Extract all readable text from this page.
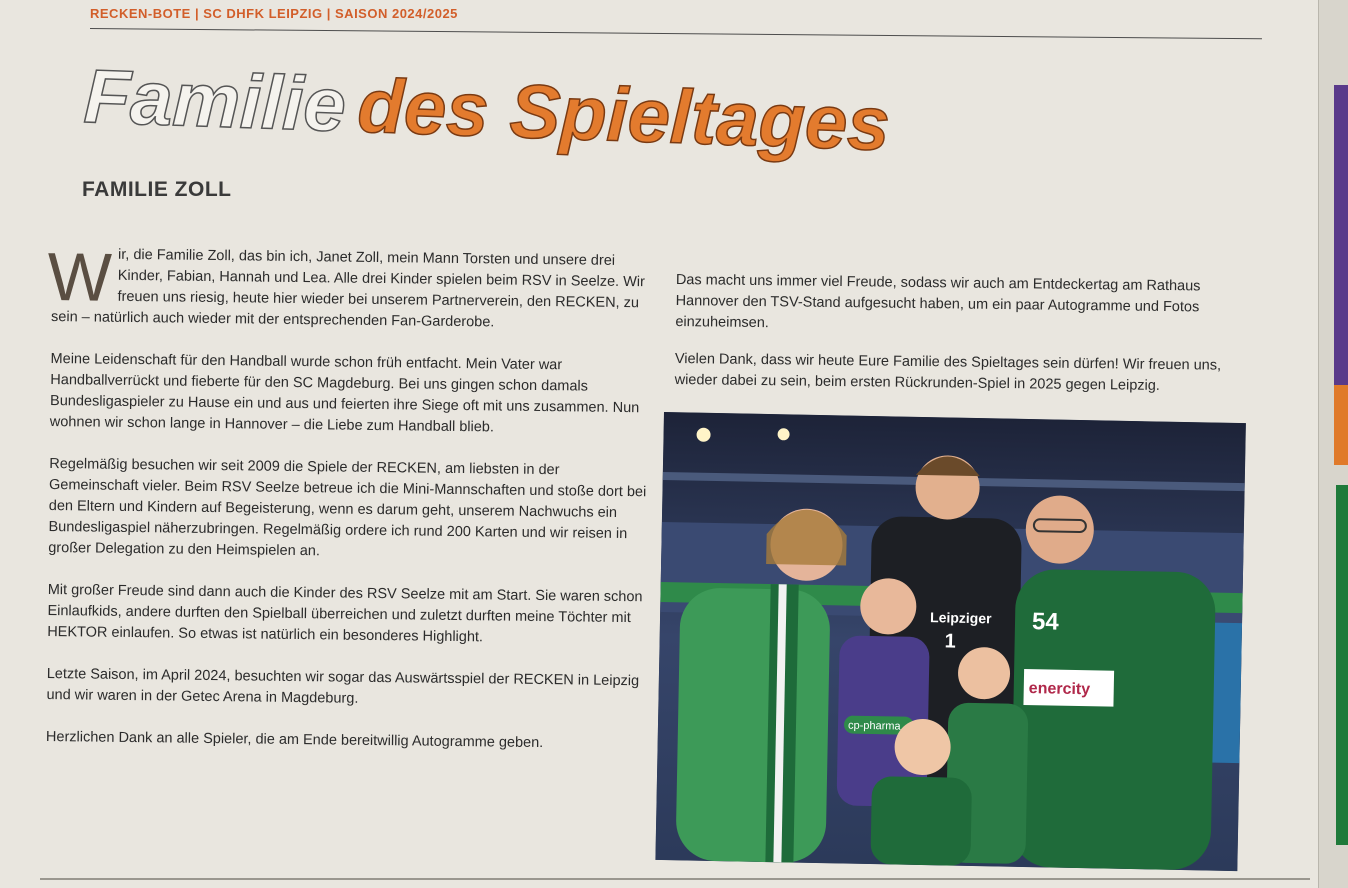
RECKEN-BOTE | SC DHFK LEIPZIG | SAISON 2024/2025
Familie des Spieltages
FAMILIE ZOLL

Wir, die Familie Zoll, das bin ich, Janet Zoll, mein Mann Torsten und unsere drei Kinder, Fabian, Hannah und Lea. Alle drei Kinder spielen beim RSV in Seelze. Wir freuen uns riesig, heute hier wieder bei unserem Partnerverein, den RECKEN, zu sein – natürlich auch wieder mit der entsprechenden Fan-Garderobe.

Meine Leidenschaft für den Handball wurde schon früh entfacht. Mein Vater war Handballverrückt und fieberte für den SC Magdeburg. Bei uns gingen schon damals Bundesligaspieler zu Hause ein und aus und feierten ihre Siege oft mit uns zusammen. Nun wohnen wir schon lange in Hannover – die Liebe zum Handball blieb.

Regelmäßig besuchen wir seit 2009 die Spiele der RECKEN, am liebsten in der Gemeinschaft vieler. Beim RSV Seelze betreue ich die Mini-Mannschaften und stoße dort bei den Eltern und Kindern auf Begeisterung, wenn es darum geht, unserem Nachwuchs ein Bundesligaspiel näherzubringen. Regelmäßig ordere ich rund 200 Karten und wir reisen in großer Delegation zu den Heimspielen an.

Mit großer Freude sind dann auch die Kinder des RSV Seelze mit am Start. Sie waren schon Einlaufkids, andere durften den Spielball überreichen und zuletzt durften meine Töchter mit HEKTOR einlaufen. So etwas ist natürlich ein besonderes Highlight.

Letzte Saison, im April 2024, besuchten wir sogar das Auswärtsspiel der RECKEN in Leipzig und wir waren in der Getec Arena in Magdeburg.

Herzlichen Dank an alle Spieler, die am Ende bereitwillig Autogramme geben.

Das macht uns immer viel Freude, sodass wir auch am Entdeckertag am Rathaus Hannover den TSV-Stand aufgesucht haben, um ein paar Autogramme und Fotos einzuheimsen.

Vielen Dank, dass wir heute Eure Familie des Spieltages sein dürfen! Wir freuen uns, wieder dabei zu sein, beim ersten Rückrunden-Spiel in 2025 gegen Leipzig.

Leipziger
1
cp-pharma
54
enercity
